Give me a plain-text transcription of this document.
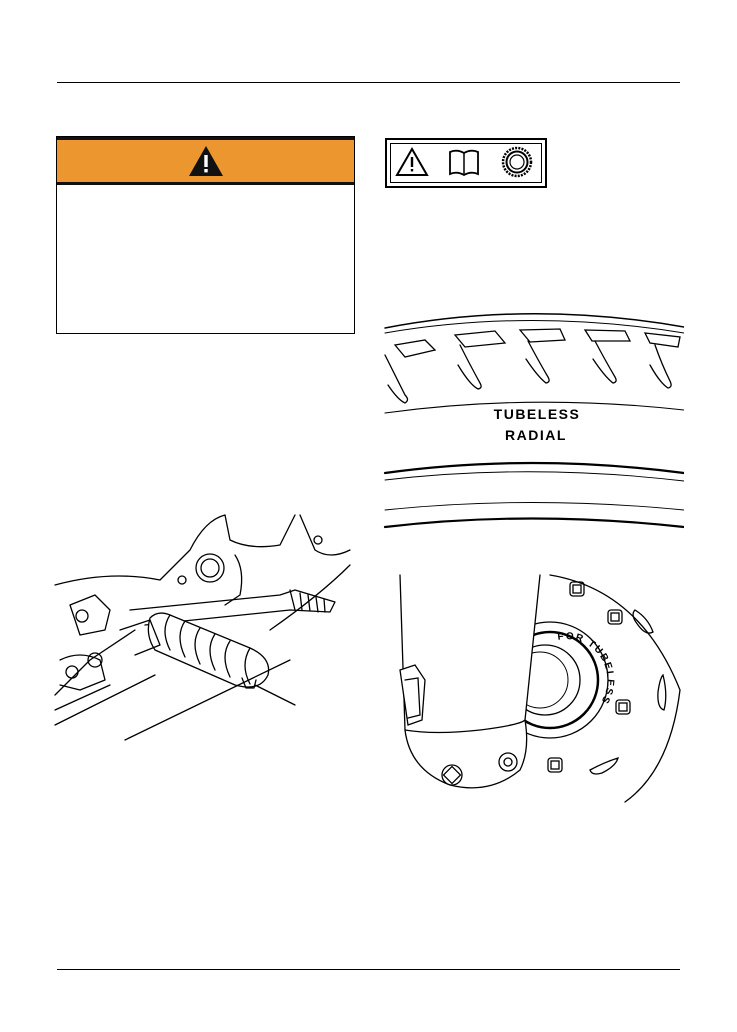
TUBELESS
RADIAL
FOR TUBELESS
